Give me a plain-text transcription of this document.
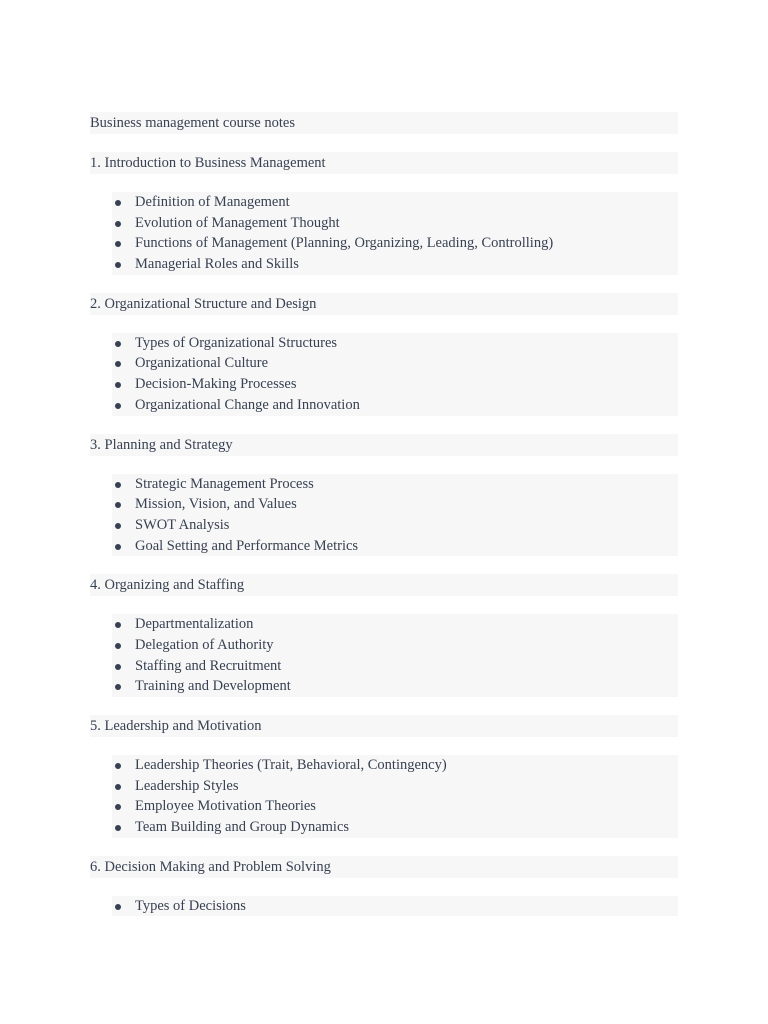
Business management course notes

1. Introduction to Business Management

Definition of Management
Evolution of Management Thought
Functions of Management (Planning, Organizing, Leading, Controlling)
Managerial Roles and Skills

2. Organizational Structure and Design

Types of Organizational Structures
Organizational Culture
Decision-Making Processes
Organizational Change and Innovation

3. Planning and Strategy

Strategic Management Process
Mission, Vision, and Values
SWOT Analysis
Goal Setting and Performance Metrics

4. Organizing and Staffing

Departmentalization
Delegation of Authority
Staffing and Recruitment
Training and Development

5. Leadership and Motivation

Leadership Theories (Trait, Behavioral, Contingency)
Leadership Styles
Employee Motivation Theories
Team Building and Group Dynamics

6. Decision Making and Problem Solving

Types of Decisions
